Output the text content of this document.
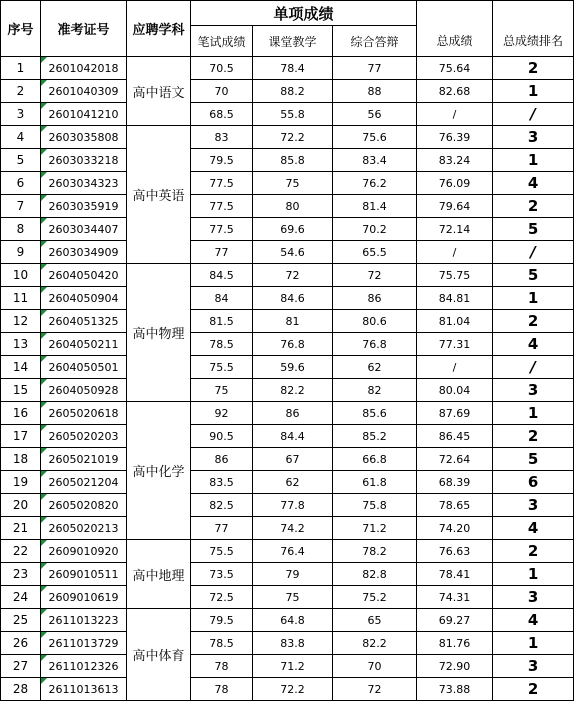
序号	准考证号	应聘学科	单项成绩				
			笔试成绩	课堂教学	综合答辩	总成绩	总成绩排名
1	2601042018	高中语文	70.5	78.4	77	75.64	2
2	2601040309		70	88.2	88	82.68	1
3	2601041210		68.5	55.8	56	/	/
4	2603035808	高中英语	83	72.2	75.6	76.39	3
5	2603033218		79.5	85.8	83.4	83.24	1
6	2603034323		77.5	75	76.2	76.09	4
7	2603035919		77.5	80	81.4	79.64	2
8	2603034407		77.5	69.6	70.2	72.14	5
9	2603034909		77	54.6	65.5	/	/
10	2604050420	高中物理	84.5	72	72	75.75	5
11	2604050904		84	84.6	86	84.81	1
12	2604051325		81.5	81	80.6	81.04	2
13	2604050211		78.5	76.8	76.8	77.31	4
14	2604050501		75.5	59.6	62	/	/
15	2604050928		75	82.2	82	80.04	3
16	2605020618	高中化学	92	86	85.6	87.69	1
17	2605020203		90.5	84.4	85.2	86.45	2
18	2605021019		86	67	66.8	72.64	5
19	2605021204		83.5	62	61.8	68.39	6
20	2605020820		82.5	77.8	75.8	78.65	3
21	2605020213		77	74.2	71.2	74.20	4
22	2609010920	高中地理	75.5	76.4	78.2	76.63	2
23	2609010511		73.5	79	82.8	78.41	1
24	2609010619		72.5	75	75.2	74.31	3
25	2611013223	高中体育	79.5	64.8	65	69.27	4
26	2611013729		78.5	83.8	82.2	81.76	1
27	2611012326		78	71.2	70	72.90	3
28	2611013613		78	72.2	72	73.88	2
